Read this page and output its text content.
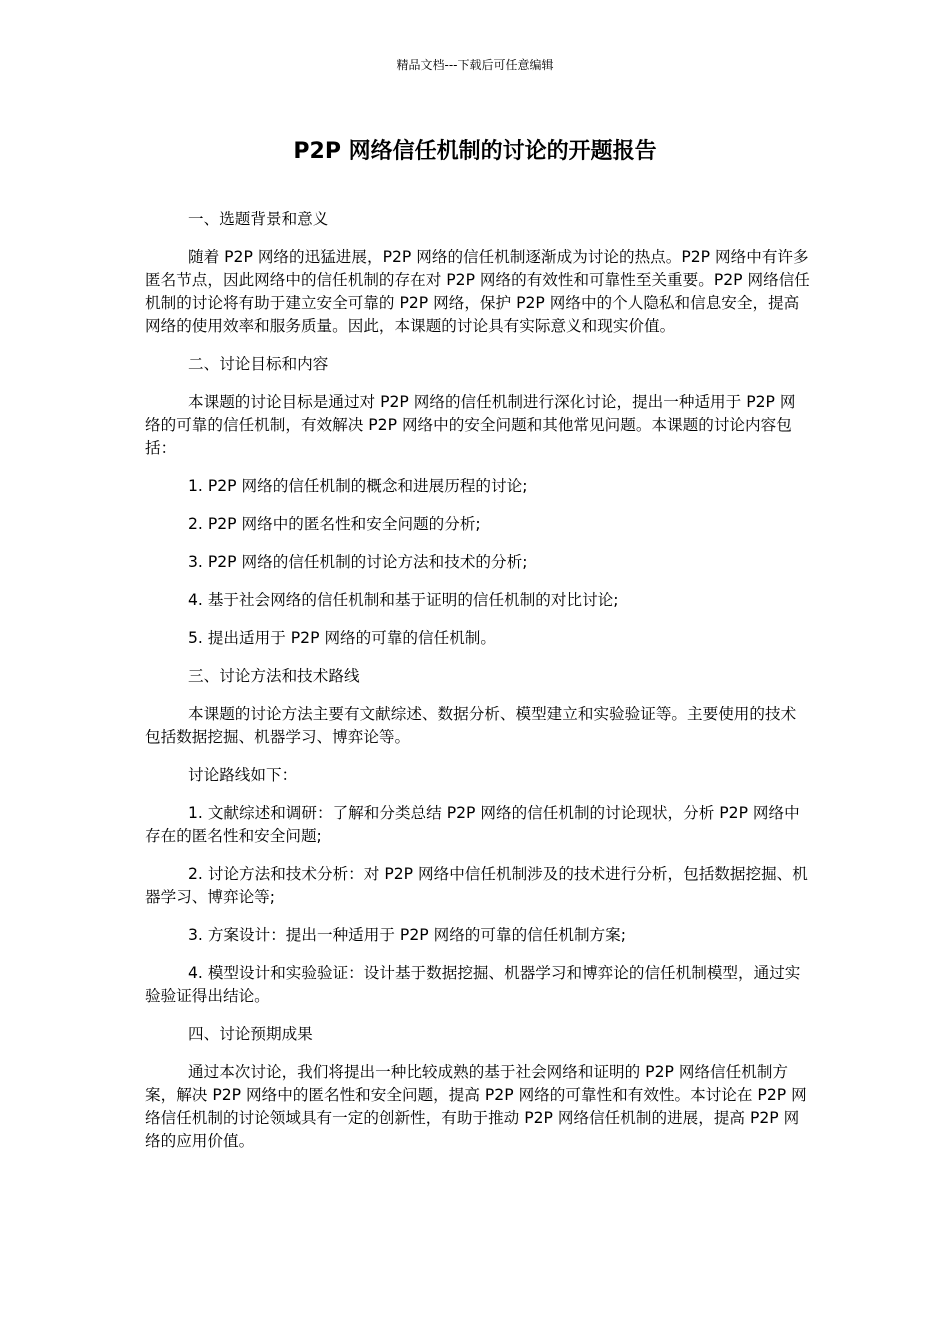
精品文档---下载后可任意编辑
P2P 网络信任机制的讨论的开题报告

一、选题背景和意义

随着 P2P 网络的迅猛进展，P2P 网络的信任机制逐渐成为讨论的热点。P2P 网络中有许多匿名节点，因此网络中的信任机制的存在对 P2P 网络的有效性和可靠性至关重要。P2P 网络信任机制的讨论将有助于建立安全可靠的 P2P 网络，保护 P2P 网络中的个人隐私和信息安全，提高网络的使用效率和服务质量。因此，本课题的讨论具有实际意义和现实价值。

二、讨论目标和内容

本课题的讨论目标是通过对 P2P 网络的信任机制进行深化讨论，提出一种适用于 P2P 网络的可靠的信任机制，有效解决 P2P 网络中的安全问题和其他常见问题。本课题的讨论内容包括：

1. P2P 网络的信任机制的概念和进展历程的讨论;

2. P2P 网络中的匿名性和安全问题的分析;

3. P2P 网络的信任机制的讨论方法和技术的分析;

4. 基于社会网络的信任机制和基于证明的信任机制的对比讨论;

5. 提出适用于 P2P 网络的可靠的信任机制。

三、讨论方法和技术路线

本课题的讨论方法主要有文献综述、数据分析、模型建立和实验验证等。主要使用的技术包括数据挖掘、机器学习、博弈论等。

讨论路线如下：

1. 文献综述和调研：了解和分类总结 P2P 网络的信任机制的讨论现状，分析 P2P 网络中存在的匿名性和安全问题;

2. 讨论方法和技术分析：对 P2P 网络中信任机制涉及的技术进行分析，包括数据挖掘、机器学习、博弈论等;

3. 方案设计：提出一种适用于 P2P 网络的可靠的信任机制方案;

4. 模型设计和实验验证：设计基于数据挖掘、机器学习和博弈论的信任机制模型，通过实验验证得出结论。

四、讨论预期成果

通过本次讨论，我们将提出一种比较成熟的基于社会网络和证明的 P2P 网络信任机制方案，解决 P2P 网络中的匿名性和安全问题，提高 P2P 网络的可靠性和有效性。本讨论在 P2P 网络信任机制的讨论领域具有一定的创新性，有助于推动 P2P 网络信任机制的进展，提高 P2P 网络的应用价值。
